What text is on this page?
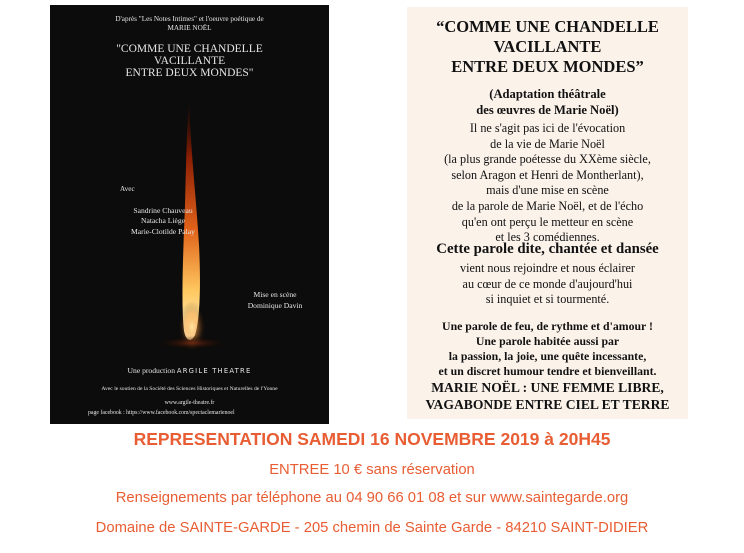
D'après "Les Notes Intimes" et l'oeuvre poétique de
MARIE NOËL
"COMME UNE CHANDELLE
VACILLANTE
ENTRE DEUX MONDES"
Avec
Sandrine Chauveau
Natacha Liège
Marie-Clotilde Palay
Mise en scène
Dominique Davin
Une production ARGILE THEATRE
Avec le soutien de la Société des Sciences Historiques et Naturelles de l'Yonne
www.argile-theatre.fr
page facebook : https://www.facebook.com/spectaclemarienoel
“COMME UNE CHANDELLE
VACILLANTE
ENTRE DEUX MONDES”
(Adaptation théâtrale
des œuvres de Marie Noël)
Il ne s'agit pas ici de l'évocation
de la vie de Marie Noël
(la plus grande poétesse du XXème siècle,
selon Aragon et Henri de Montherlant),
mais d'une mise en scène
de la parole de Marie Noël, et de l'écho
qu'en ont perçu le metteur en scène
et les 3 comédiennes.
Cette parole dite, chantée et dansée
vient nous rejoindre et nous éclairer
au cœur de ce monde d'aujourd'hui
si inquiet et si tourmenté.
Une parole de feu, de rythme et d'amour !
Une parole habitée aussi par
la passion, la joie, une quête incessante,
et un discret humour tendre et bienveillant.
MARIE NOËL : UNE FEMME LIBRE,
VAGABONDE ENTRE CIEL ET TERRE
REPRESENTATION SAMEDI 16 NOVEMBRE 2019 à 20H45
ENTREE 10 € sans réservation
Renseignements par téléphone au 04 90 66 01 08 et sur www.saintegarde.org
Domaine de SAINTE-GARDE - 205 chemin de Sainte Garde - 84210 SAINT-DIDIER
